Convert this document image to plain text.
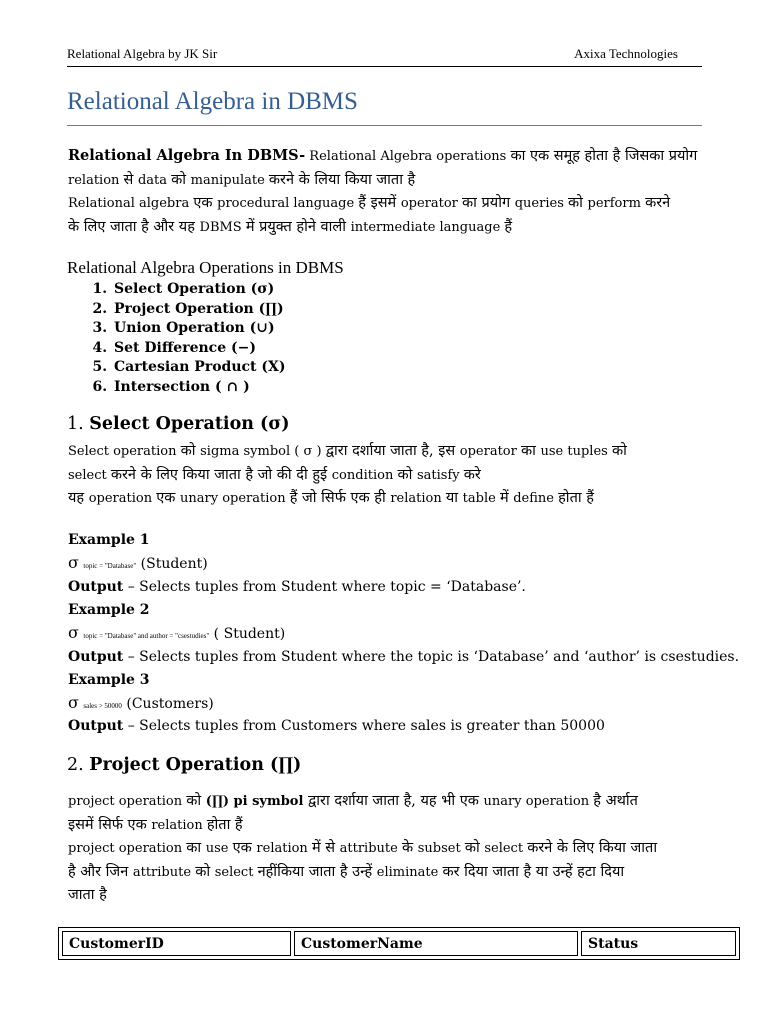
Relational Algebra by JK Sir	Axixa Technologies
Relational Algebra in DBMS
Relational Algebra In DBMS- Relational Algebra operations का एक समूह होता है जिसका प्रयोग
relation से data को manipulate करने के लिया किया जाता है
Relational algebra एक procedural language हैं इसमें operator का प्रयोग queries को perform करने
के लिए जाता है और यह DBMS में प्रयुक्त होने वाली intermediate language हैं
Relational Algebra Operations in DBMS
1. Select Operation (σ)
2. Project Operation (∏)
3. Union Operation (∪)
4. Set Difference (−)
5. Cartesian Product (X)
6. Intersection ( ∩ )
1. Select Operation (σ)
Select operation को sigma symbol ( σ ) द्वारा दर्शाया जाता है, इस operator का use tuples को
select करने के लिए किया जाता है जो की दी हुई condition को satisfy करे
यह operation एक unary operation हैं जो सिर्फ एक ही relation या table में define होता हैं
Example 1
σ topic = "Database" (Student)
Output – Selects tuples from Student where topic = ‘Database’.
Example 2
σ topic = "Database" and author = "csestudies" ( Student)
Output – Selects tuples from Student where the topic is ‘Database’ and ‘author’ is csestudies.
Example 3
σ sales > 50000 (Customers)
Output – Selects tuples from Customers where sales is greater than 50000
2. Project Operation (∏)
project operation को (∏) pi symbol द्वारा दर्शाया जाता है, यह भी एक unary operation है अर्थात
इसमें सिर्फ एक relation होता हैं
project operation का use एक relation में से attribute के subset को select करने के लिए किया जाता
है और जिन attribute को select नहींकिया जाता है उन्हें eliminate कर दिया जाता है या उन्हें हटा दिया
जाता है
CustomerID	CustomerName	Status
